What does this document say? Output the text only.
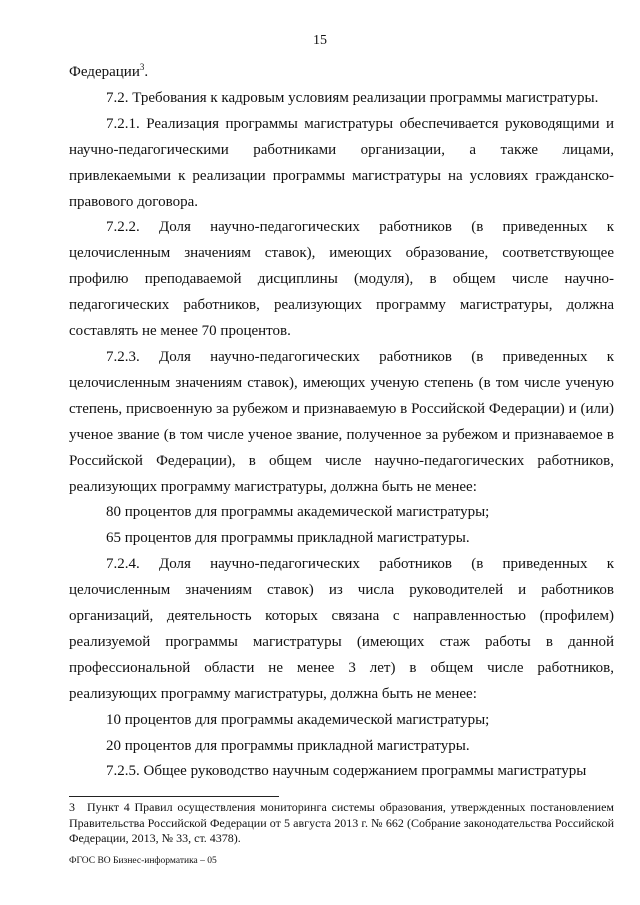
15

Федерации$^3$.

7.2. Требования к кадровым условиям реализации программы магистратуры.

7.2.1. Реализация программы магистратуры обеспечивается руководящими и научно-педагогическими работниками организации, а также лицами, привлекаемыми к реализации программы магистратуры на условиях гражданско-правового договора.

7.2.2. Доля научно-педагогических работников (в приведенных к целочисленным значениям ставок), имеющих образование, соответствующее профилю преподаваемой дисциплины (модуля), в общем числе научно-педагогических работников, реализующих программу магистратуры, должна составлять не менее 70 процентов.

7.2.3. Доля научно-педагогических работников (в приведенных к целочисленным значениям ставок), имеющих ученую степень (в том числе ученую степень, присвоенную за рубежом и признаваемую в Российской Федерации) и (или) ученое звание (в том числе ученое звание, полученное за рубежом и признаваемое в Российской Федерации), в общем числе научно-педагогических работников, реализующих программу магистратуры, должна быть не менее:

80 процентов для программы академической магистратуры;

65 процентов для программы прикладной магистратуры.

7.2.4. Доля научно-педагогических работников (в приведенных к целочисленным значениям ставок) из числа руководителей и работников организаций, деятельность которых связана с направленностью (профилем) реализуемой программы магистратуры (имеющих стаж работы в данной профессиональной области не менее 3 лет) в общем числе работников, реализующих программу магистратуры, должна быть не менее:

10 процентов для программы академической магистратуры;

20 процентов для программы прикладной магистратуры.

7.2.5. Общее руководство научным содержанием программы магистратуры

3 Пункт 4 Правил осуществления мониторинга системы образования, утвержденных постановлением Правительства Российской Федерации от 5 августа 2013 г. № 662 (Собрание законодательства Российской Федерации, 2013, № 33, ст. 4378).
ФГОС ВО Бизнес-информатика – 05
